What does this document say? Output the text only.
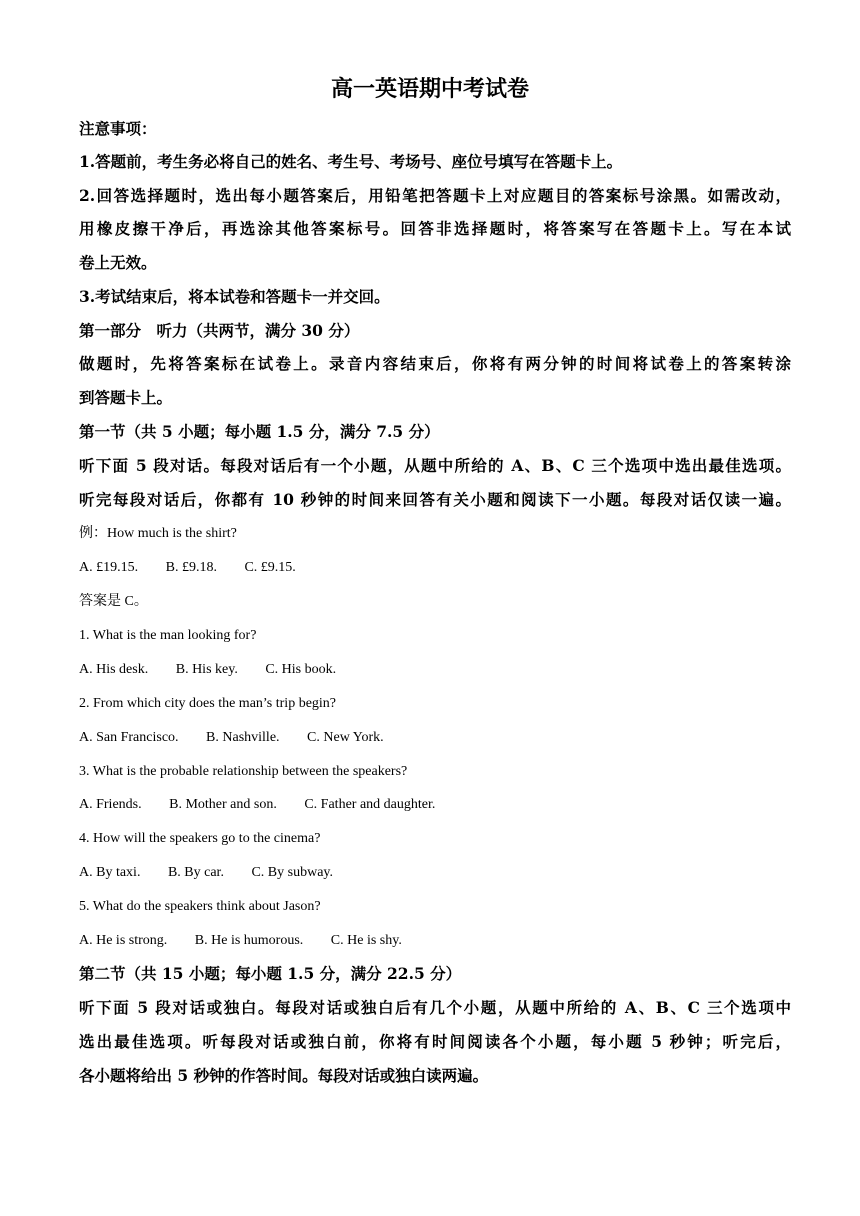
高一英语期中考试卷
注意事项：
1.答题前，考生务必将自己的姓名、考生号、考场号、座位号填写在答题卡上。
2.回答选择题时，选出每小题答案后，用铅笔把答题卡上对应题目的答案标号涂黑。如需改动，
用橡皮擦干净后，再选涂其他答案标号。回答非选择题时，将答案写在答题卡上。写在本试
卷上无效。
3.考试结束后，将本试卷和答题卡一并交回。
第一部分　听力（共两节，满分 30 分）
做题时，先将答案标在试卷上。录音内容结束后，你将有两分钟的时间将试卷上的答案转涂
到答题卡上。
第一节（共 5 小题；每小题 1.5 分，满分 7.5 分）
听下面 5 段对话。每段对话后有一个小题，从题中所给的 A、B、C 三个选项中选出最佳选项。
听完每段对话后，你都有 10 秒钟的时间来回答有关小题和阅读下一小题。每段对话仅读一遍。
例：How much is the shirt?
A. £19.15. B. £9.18. C. £9.15.
答案是 C。
1. What is the man looking for?
A. His desk. B. His key. C. His book.
2. From which city does the man’s trip begin?
A. San Francisco. B. Nashville. C. New York.
3. What is the probable relationship between the speakers?
A. Friends. B. Mother and son. C. Father and daughter.
4. How will the speakers go to the cinema?
A. By taxi. B. By car. C. By subway.
5. What do the speakers think about Jason?
A. He is strong. B. He is humorous. C. He is shy.
第二节（共 15 小题；每小题 1.5 分，满分 22.5 分）
听下面 5 段对话或独白。每段对话或独白后有几个小题，从题中所给的 A、B、C 三个选项中
选出最佳选项。听每段对话或独白前，你将有时间阅读各个小题，每小题 5 秒钟；听完后，
各小题将给出 5 秒钟的作答时间。每段对话或独白读两遍。
